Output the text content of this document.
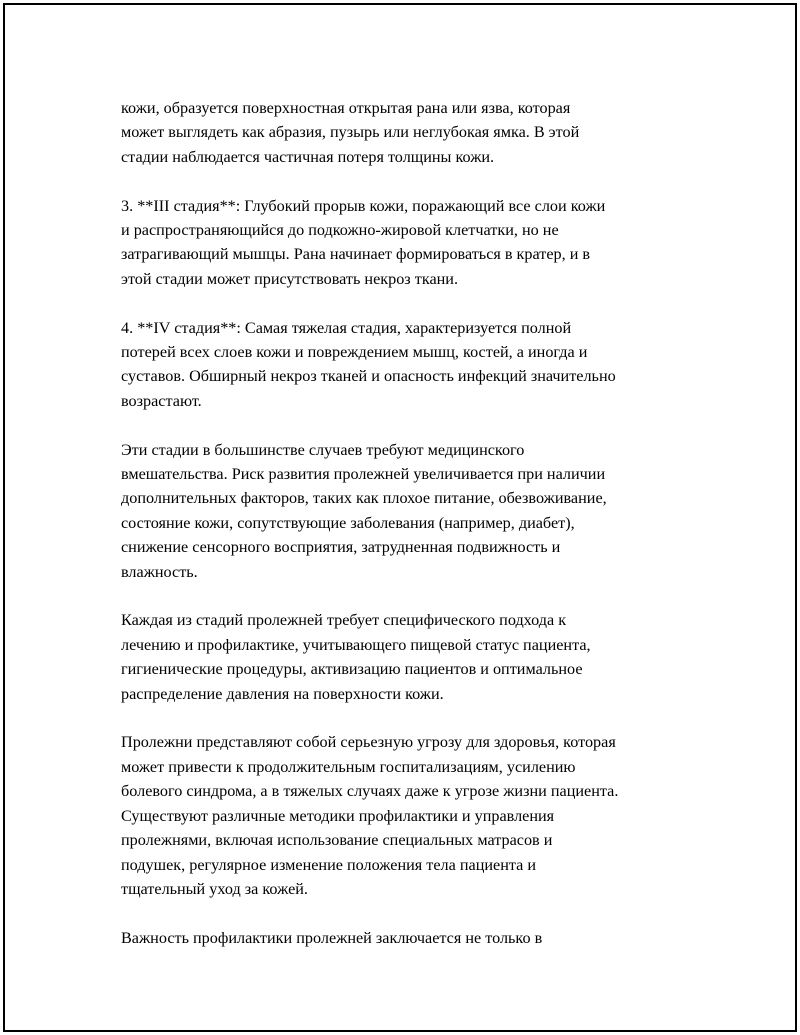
кожи, образуется поверхностная открытая рана или язва, которая
может выглядеть как абразия, пузырь или неглубокая ямка. В этой
стадии наблюдается частичная потеря толщины кожи.

3. **III стадия**: Глубокий прорыв кожи, поражающий все слои кожи
и распространяющийся до подкожно-жировой клетчатки, но не
затрагивающий мышцы. Рана начинает формироваться в кратер, и в
этой стадии может присутствовать некроз ткани.

4. **IV стадия**: Самая тяжелая стадия, характеризуется полной
потерей всех слоев кожи и повреждением мышц, костей, а иногда и
суставов. Обширный некроз тканей и опасность инфекций значительно
возрастают.

Эти стадии в большинстве случаев требуют медицинского
вмешательства. Риск развития пролежней увеличивается при наличии
дополнительных факторов, таких как плохое питание, обезвоживание,
состояние кожи, сопутствующие заболевания (например, диабет),
снижение сенсорного восприятия, затрудненная подвижность и
влажность.

Каждая из стадий пролежней требует специфического подхода к
лечению и профилактике, учитывающего пищевой статус пациента,
гигиенические процедуры, активизацию пациентов и оптимальное
распределение давления на поверхности кожи.

Пролежни представляют собой серьезную угрозу для здоровья, которая
может привести к продолжительным госпитализациям, усилению
болевого синдрома, а в тяжелых случаях даже к угрозе жизни пациента.
Существуют различные методики профилактики и управления
пролежнями, включая использование специальных матрасов и
подушек, регулярное изменение положения тела пациента и
тщательный уход за кожей.

Важность профилактики пролежней заключается не только в
